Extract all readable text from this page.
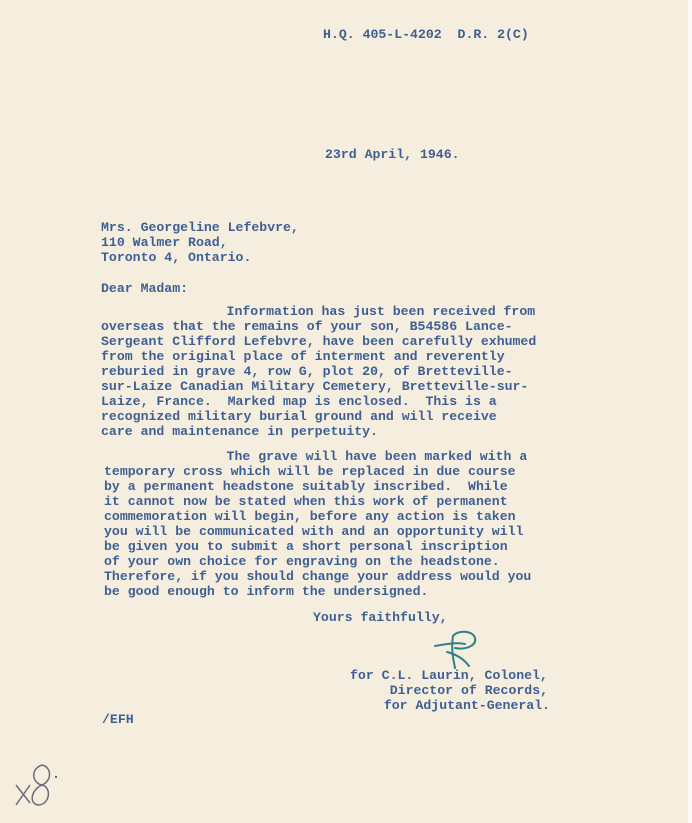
H.Q. 405-L-4202  D.R. 2(C)
23rd April, 1946.
Mrs. Georgeline Lefebvre,
110 Walmer Road,
Toronto 4, Ontario.
Dear Madam:
Information has just been received from
overseas that the remains of your son, B54586 Lance-
Sergeant Clifford Lefebvre, have been carefully exhumed
from the original place of interment and reverently
reburied in grave 4, row G, plot 20, of Bretteville-
sur-Laize Canadian Military Cemetery, Bretteville-sur-
Laize, France.  Marked map is enclosed.  This is a
recognized military burial ground and will receive
care and maintenance in perpetuity.
The grave will have been marked with a
temporary cross which will be replaced in due course
by a permanent headstone suitably inscribed.  While
it cannot now be stated when this work of permanent
commemoration will begin, before any action is taken
you will be communicated with and an opportunity will
be given you to submit a short personal inscription
of your own choice for engraving on the headstone.
Therefore, if you should change your address would you
be good enough to inform the undersigned.
Yours faithfully,
for C.L. Laurin, Colonel,
Director of Records,
for Adjutant-General.
/EFH
